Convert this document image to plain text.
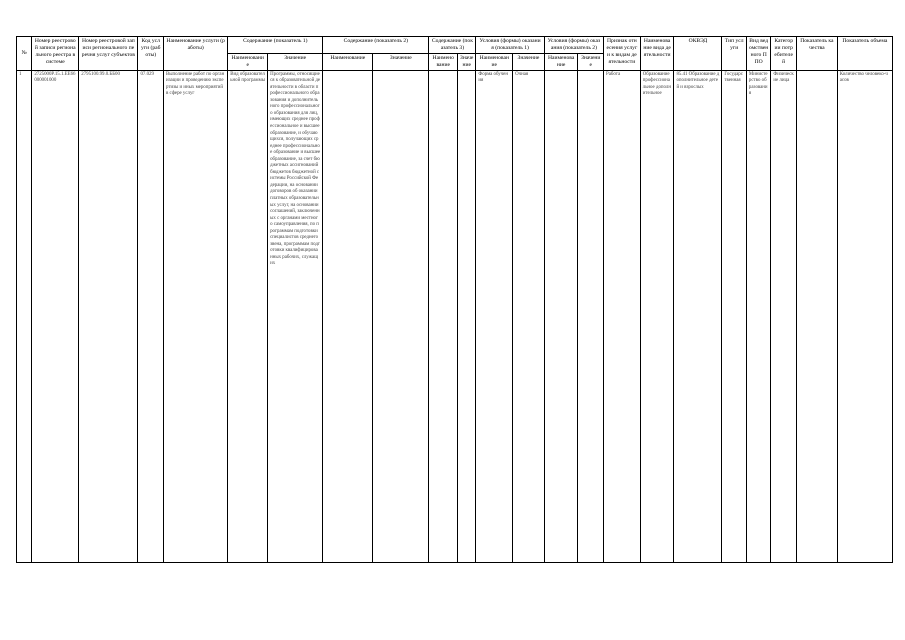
№	Номер реестровой записи регионального реестра в системе	Номер реестровой записи регионального перечня услуг субъектов	Код услуги (работы)	Наименование услуги (работы)	Содержание (показатель 1)		Содержание (показатель 2)		Содержание (показатель 3)		Условия (формы) оказания (показатель 1)		Условия (формы) оказания (показатель 2)		Признак отнесения услуги к видам деятельности	Наименование вида деятельности	ОКВЭД	Тип услуги	Вид ведомственного ППО	Категории потребителей	Показатель качества	Показатель объема
					Наименование	Значение	Наименование	Значение	Наименование	Значение	Наименование	Значение	Наименование	Значение								
1	2725000P.15.1.ЕЕ66000001000	2795100.99.0.ББ00	07.029	Выполнение работ по организации и проведению экспертизы и иных мероприятий в сфере услуг	Вид образовательной программы	Программы, относящиеся к образовательной деятельности в области профессионального образования и дополнительного профессионального образования для лиц, имеющих среднее профессиональное и высшее образование, и обучающихся, получающих среднее профессиональное образование и высшее образование, за счет бюджетных ассигнований бюджетов бюджетной системы Российской Федерации, на основании договоров об оказании платных образовательных услуг, на основании соглашений, заключенных с органами местного самоуправления, по программам подготовки специалистов среднего звена, программам подготовки квалифицированных рабочих, служащих					Форма обучения	Очная			Работа	Образование профессиональное дополнительное	85.41 Образование дополнительное детей и взрослых	Государственная	Министерство образования	Физические лица		Количество человеко-часов
